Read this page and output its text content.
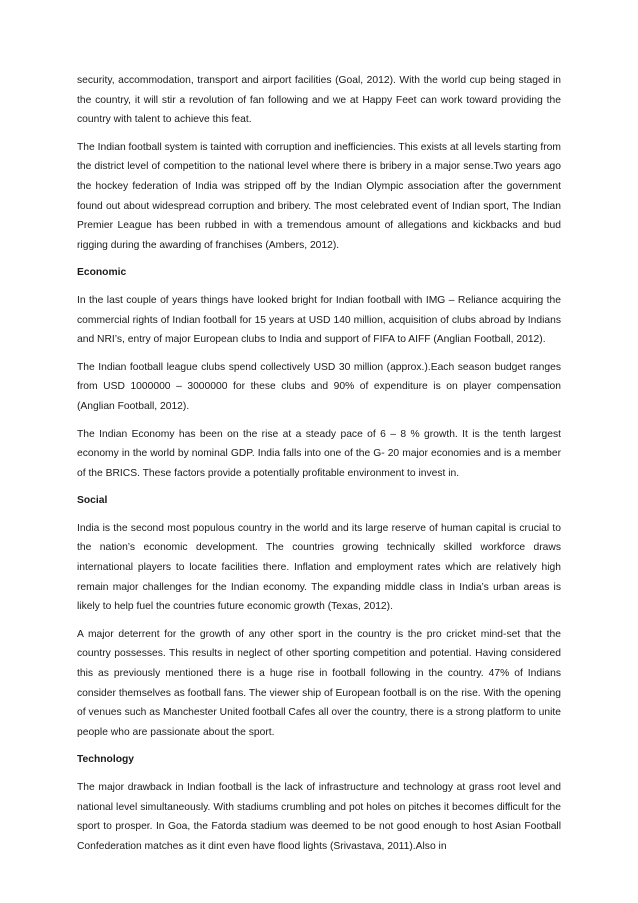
security, accommodation, transport and airport facilities (Goal, 2012). With the world cup being staged in the country, it will stir a revolution of fan following and we at Happy Feet can work toward providing the country with talent to achieve this feat.

The Indian football system is tainted with corruption and inefficiencies. This exists at all levels starting from the district level of competition to the national level where there is bribery in a major sense.Two years ago the hockey federation of India was stripped off by the Indian Olympic association after the government found out about widespread corruption and bribery. The most celebrated event of Indian sport, The Indian Premier League has been rubbed in with a tremendous amount of allegations and kickbacks and bud rigging during the awarding of franchises (Ambers, 2012).

Economic

In the last couple of years things have looked bright for Indian football with IMG – Reliance acquiring the commercial rights of Indian football for 15 years at USD 140 million, acquisition of clubs abroad by Indians and NRI’s, entry of major European clubs to India and support of FIFA to AIFF (Anglian Football, 2012).

The Indian football league clubs spend collectively USD 30 million (approx.).Each season budget ranges from USD 1000000 – 3000000 for these clubs and 90% of expenditure is on player compensation (Anglian Football, 2012).

The Indian Economy has been on the rise at a steady pace of 6 – 8 % growth. It is the tenth largest economy in the world by nominal GDP. India falls into one of the G- 20 major economies and is a member of the BRICS. These factors provide a potentially profitable environment to invest in.

Social

India is the second most populous country in the world and its large reserve of human capital is crucial to the nation’s economic development. The countries growing technically skilled workforce draws international players to locate facilities there. Inflation and employment rates which are relatively high remain major challenges for the Indian economy. The expanding middle class in India’s urban areas is likely to help fuel the countries future economic growth (Texas, 2012).

A major deterrent for the growth of any other sport in the country is the pro cricket mind-set that the country possesses. This results in neglect of other sporting competition and potential. Having considered this as previously mentioned there is a huge rise in football following in the country. 47% of Indians consider themselves as football fans. The viewer ship of European football is on the rise. With the opening of venues such as Manchester United football Cafes all over the country, there is a strong platform to unite people who are passionate about the sport.

Technology

The major drawback in Indian football is the lack of infrastructure and technology at grass root level and national level simultaneously. With stadiums crumbling and pot holes on pitches it becomes difficult for the sport to prosper. In Goa, the Fatorda stadium was deemed to be not good enough to host Asian Football Confederation matches as it dint even have flood lights (Srivastava, 2011).Also in
